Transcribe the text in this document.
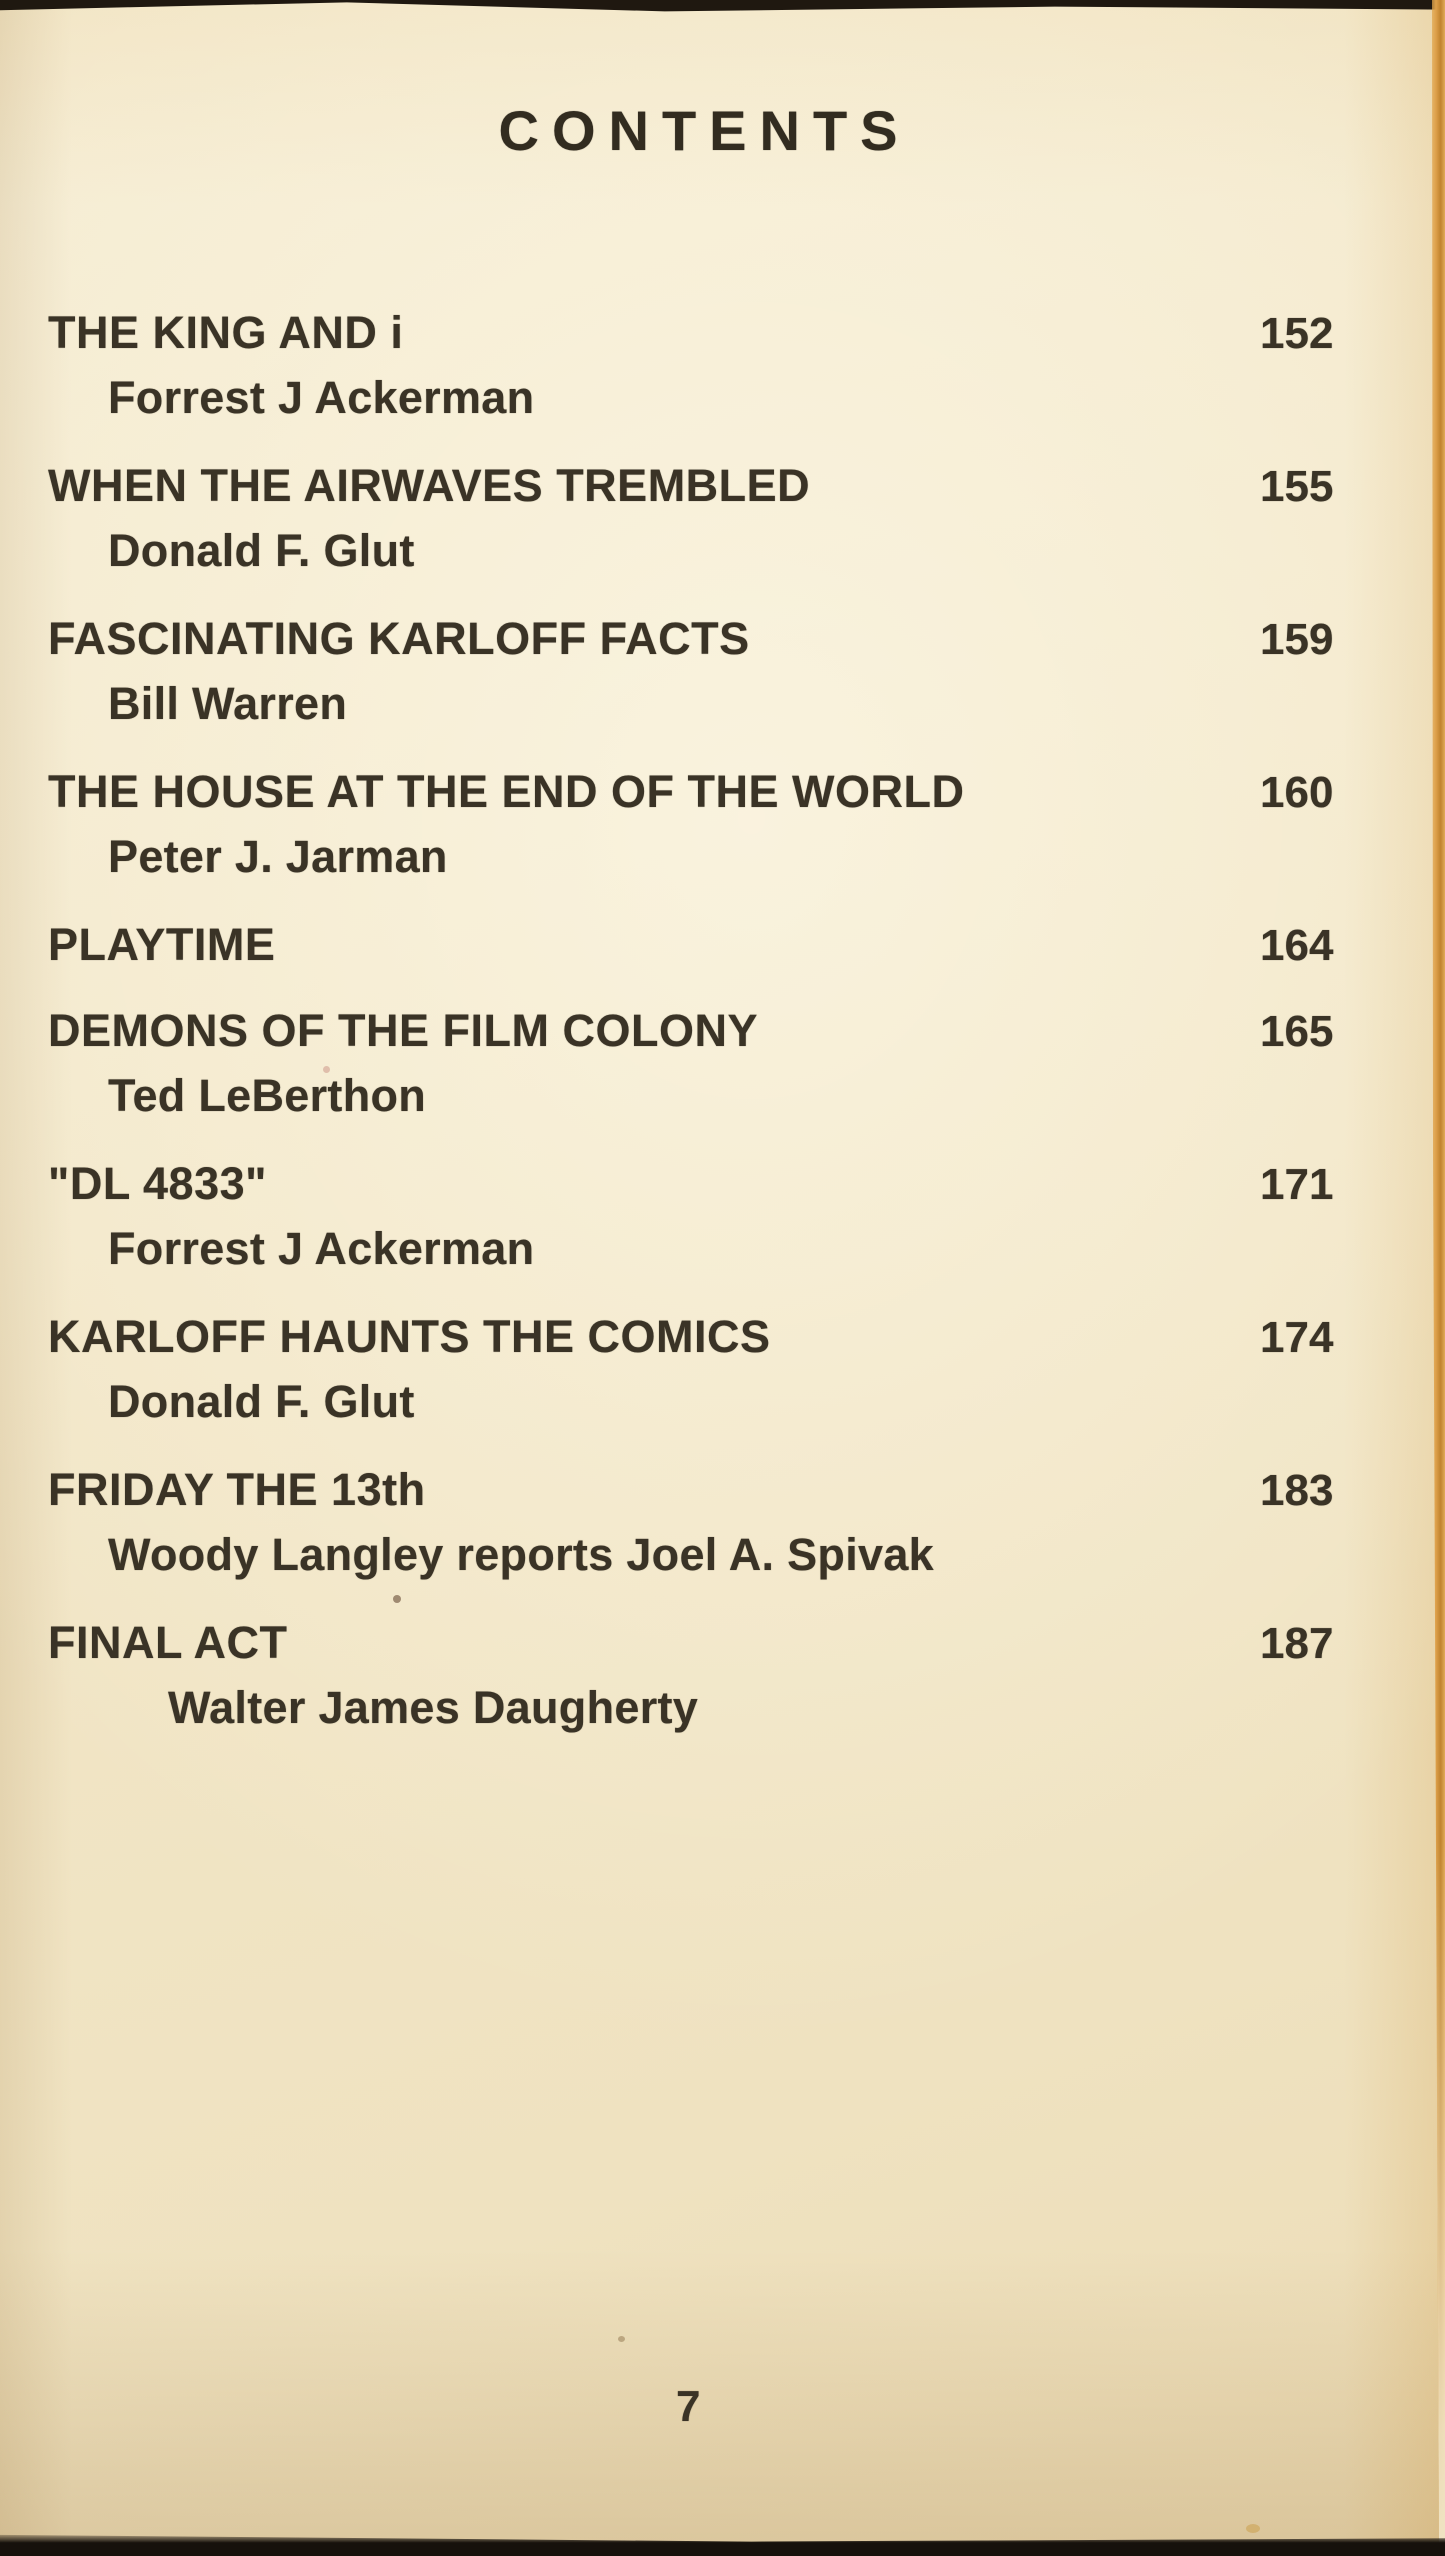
CONTENTS
THE KING AND i	152
Forrest J Ackerman
WHEN THE AIRWAVES TREMBLED	155
Donald F. Glut
FASCINATING KARLOFF FACTS	159
Bill Warren
THE HOUSE AT THE END OF THE WORLD	160
Peter J. Jarman
PLAYTIME	164
DEMONS OF THE FILM COLONY	165
Ted LeBerthon
"DL 4833"	171
Forrest J Ackerman
KARLOFF HAUNTS THE COMICS	174
Donald F. Glut
FRIDAY THE 13th	183
Woody Langley reports Joel A. Spivak
FINAL ACT	187
Walter James Daugherty
7
